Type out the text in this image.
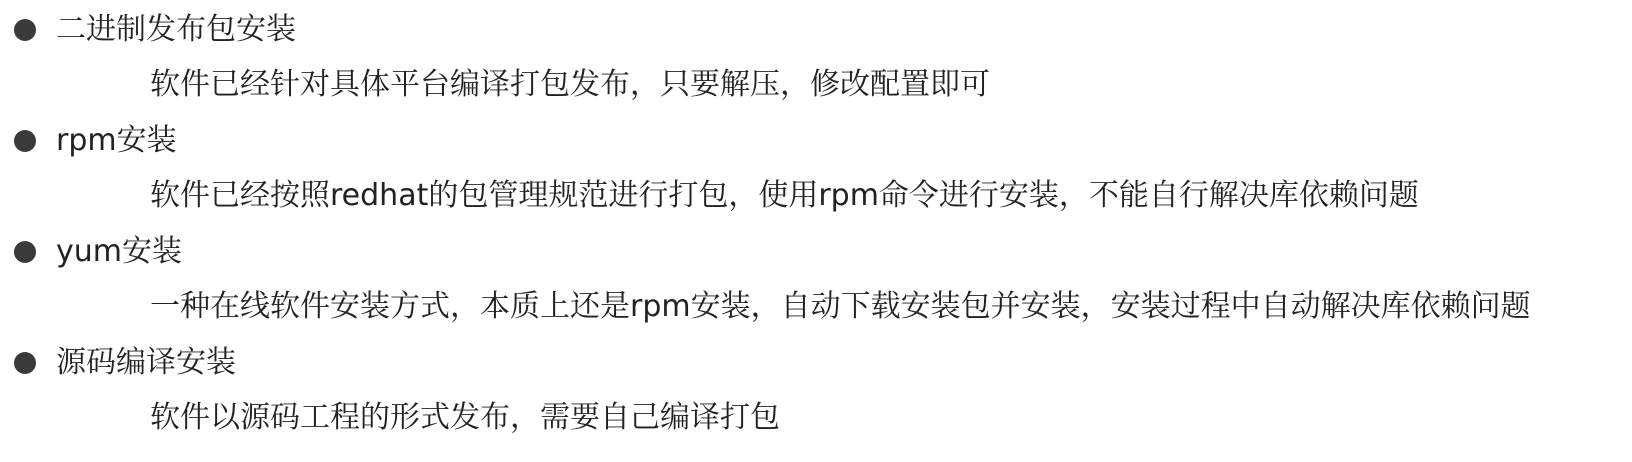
二进制发布包安装
软件已经针对具体平台编译打包发布，只要解压，修改配置即可
rpm安装
软件已经按照redhat的包管理规范进行打包，使用rpm命令进行安装，不能自行解决库依赖问题
yum安装
一种在线软件安装方式，本质上还是rpm安装，自动下载安装包并安装，安装过程中自动解决库依赖问题
源码编译安装
软件以源码工程的形式发布，需要自己编译打包
